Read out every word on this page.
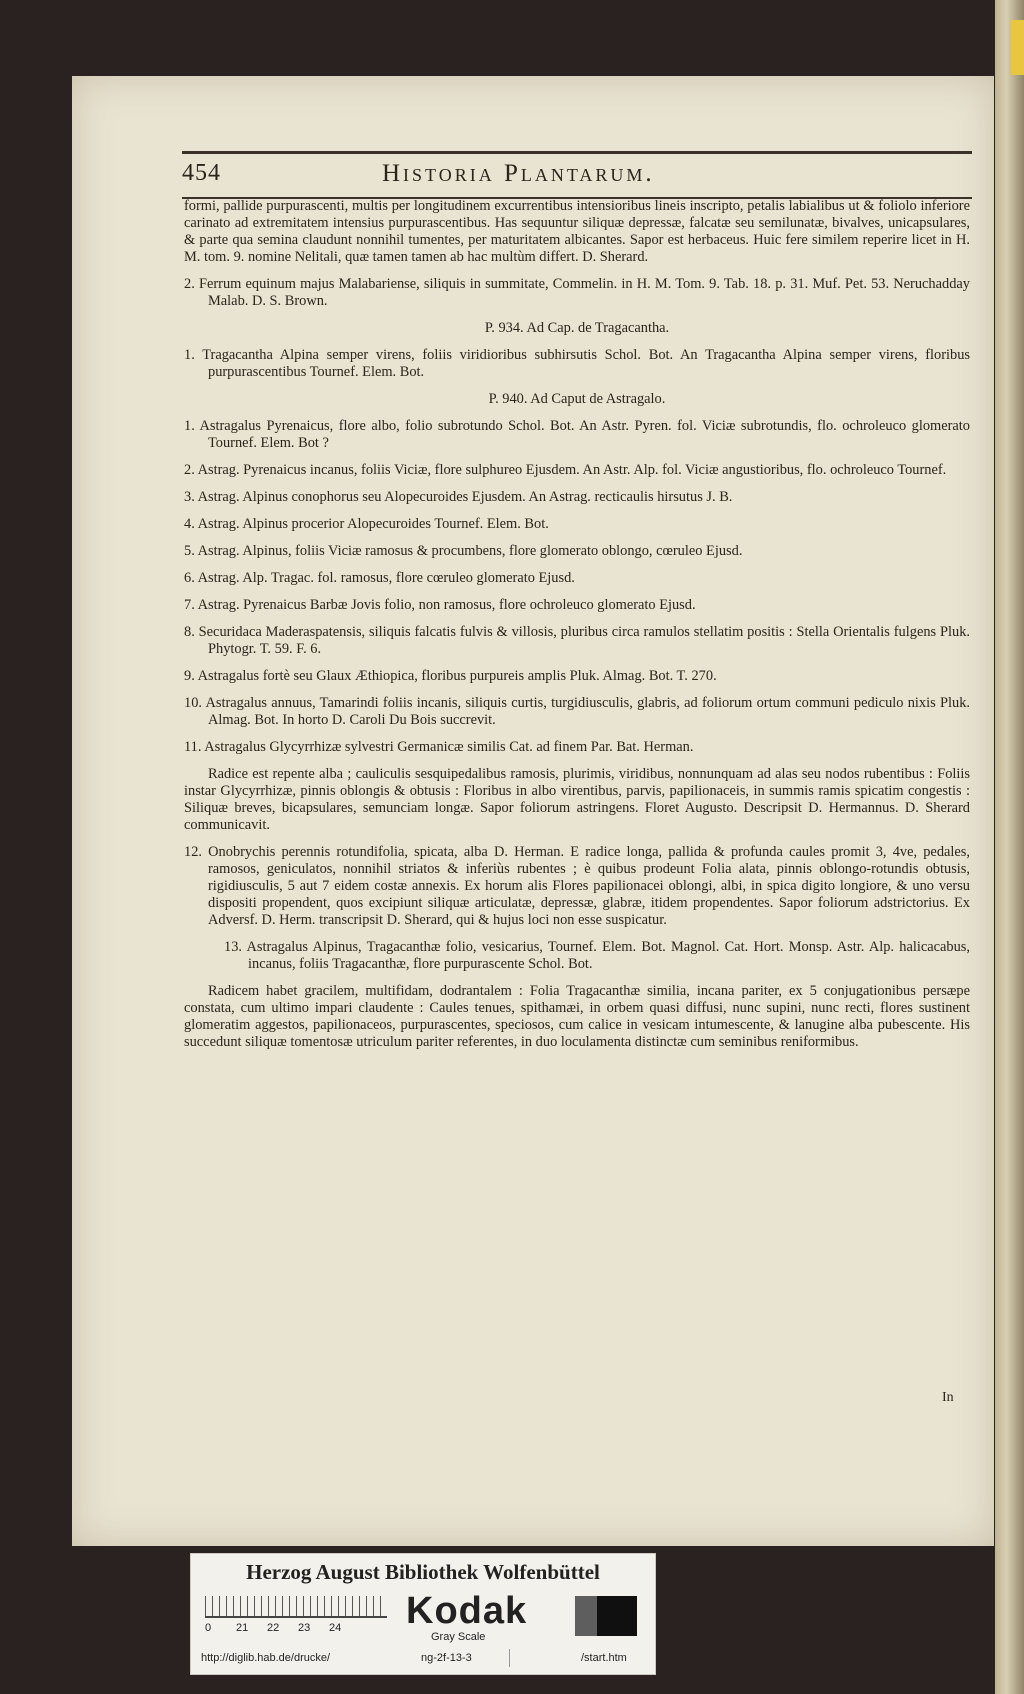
454	Historia Plantarum.

formi, pallide purpurascenti, multis per longitudinem excurrentibus intensioribus lineis inscripto, petalis labialibus ut & foliolo inferiore carinato ad extremitatem intensius purpurascentibus. Has sequuntur siliquæ depressæ, falcatæ seu semilunatæ, bivalves, unicapsulares, & parte qua semina claudunt nonnihil tumentes, per maturitatem albicantes. Sapor est herbaceus. Huic fere similem reperire licet in H. M. tom. 9. nomine Nelitali, quæ tamen tamen ab hac multùm differt. D. Sherard.

2. Ferrum equinum majus Malabariense, siliquis in summitate, Commelin. in H. M. Tom. 9. Tab. 18. p. 31. Muf. Pet. 53. Neruchadday Malab. D. S. Brown.

P. 934. Ad Cap. de Tragacantha.

1. Tragacantha Alpina semper virens, foliis viridioribus subhirsutis Schol. Bot. An Tragacantha Alpina semper virens, floribus purpurascentibus Tournef. Elem. Bot.

P. 940. Ad Caput de Astragalo.

1. Astragalus Pyrenaicus, flore albo, folio subrotundo Schol. Bot. An Astr. Pyren. fol. Viciæ subrotundis, flo. ochroleuco glomerato Tournef. Elem. Bot ?

2. Astrag. Pyrenaicus incanus, foliis Viciæ, flore sulphureo Ejusdem. An Astr. Alp. fol. Viciæ angustioribus, flo. ochroleuco Tournef.

3. Astrag. Alpinus conophorus seu Alopecuroides Ejusdem. An Astrag. recticaulis hirsutus J. B.

4. Astrag. Alpinus procerior Alopecuroides Tournef. Elem. Bot.

5. Astrag. Alpinus, foliis Viciæ ramosus & procumbens, flore glomerato oblongo, cœruleo Ejusd.

6. Astrag. Alp. Tragac. fol. ramosus, flore cœruleo glomerato Ejusd.

7. Astrag. Pyrenaicus Barbæ Jovis folio, non ramosus, flore ochroleuco glomerato Ejusd.

8. Securidaca Maderaspatensis, siliquis falcatis fulvis & villosis, pluribus circa ramulos stellatim positis : Stella Orientalis fulgens Pluk. Phytogr. T. 59. F. 6.

9. Astragalus fortè seu Glaux Æthiopica, floribus purpureis amplis Pluk. Almag. Bot. T. 270.

10. Astragalus annuus, Tamarindi foliis incanis, siliquis curtis, turgidiusculis, glabris, ad foliorum ortum communi pediculo nixis Pluk. Almag. Bot. In horto D. Caroli Du Bois succrevit.

11. Astragalus Glycyrrhizæ sylvestri Germanicæ similis Cat. ad finem Par. Bat. Herman.

Radice est repente alba ; cauliculis sesquipedalibus ramosis, plurimis, viridibus, nonnunquam ad alas seu nodos rubentibus : Foliis instar Glycyrrhizæ, pinnis oblongis & obtusis : Floribus in albo virentibus, parvis, papilionaceis, in summis ramis spicatim congestis : Siliquæ breves, bicapsulares, semunciam longæ. Sapor foliorum astringens. Floret Augusto. Descripsit D. Hermannus. D. Sherard communicavit.

12. Onobrychis perennis rotundifolia, spicata, alba D. Herman. E radice longa, pallida & profunda caules promit 3, 4ve, pedales, ramosos, geniculatos, nonnihil striatos & inferiùs rubentes ; è quibus prodeunt Folia alata, pinnis oblongo-rotundis obtusis, rigidiusculis, 5 aut 7 eidem costæ annexis. Ex horum alis Flores papilionacei oblongi, albi, in spica digito longiore, & uno versu dispositi propendent, quos excipiunt siliquæ articulatæ, depressæ, glabræ, itidem propendentes. Sapor foliorum adstrictorius. Ex Adversf. D. Herm. transcripsit D. Sherard, qui & hujus loci non esse suspicatur.

13. Astragalus Alpinus, Tragacanthæ folio, vesicarius, Tournef. Elem. Bot. Magnol. Cat. Hort. Monsp. Astr. Alp. halicacabus, incanus, foliis Tragacanthæ, flore purpurascente Schol. Bot.

Radicem habet gracilem, multifidam, dodrantalem : Folia Tragacanthæ similia, incana pariter, ex 5 conjugationibus persæpe constata, cum ultimo impari claudente : Caules tenues, spithamæi, in orbem quasi diffusi, nunc supini, nunc recti, flores sustinent glomeratim aggestos, papilionaceos, purpurascentes, speciosos, cum calice in vesicam intumescente, & lanugine alba pubescente. His succedunt siliquæ tomentosæ utriculum pariter referentes, in duo loculamenta distinctæ cum seminibus reniformibus.

In
Herzog August Bibliothek Wolfenbüttel
0 21 22 23 24	Kodak
Gray Scale
http://diglib.hab.de/drucke/	ng-2f-13-3	/start.htm
